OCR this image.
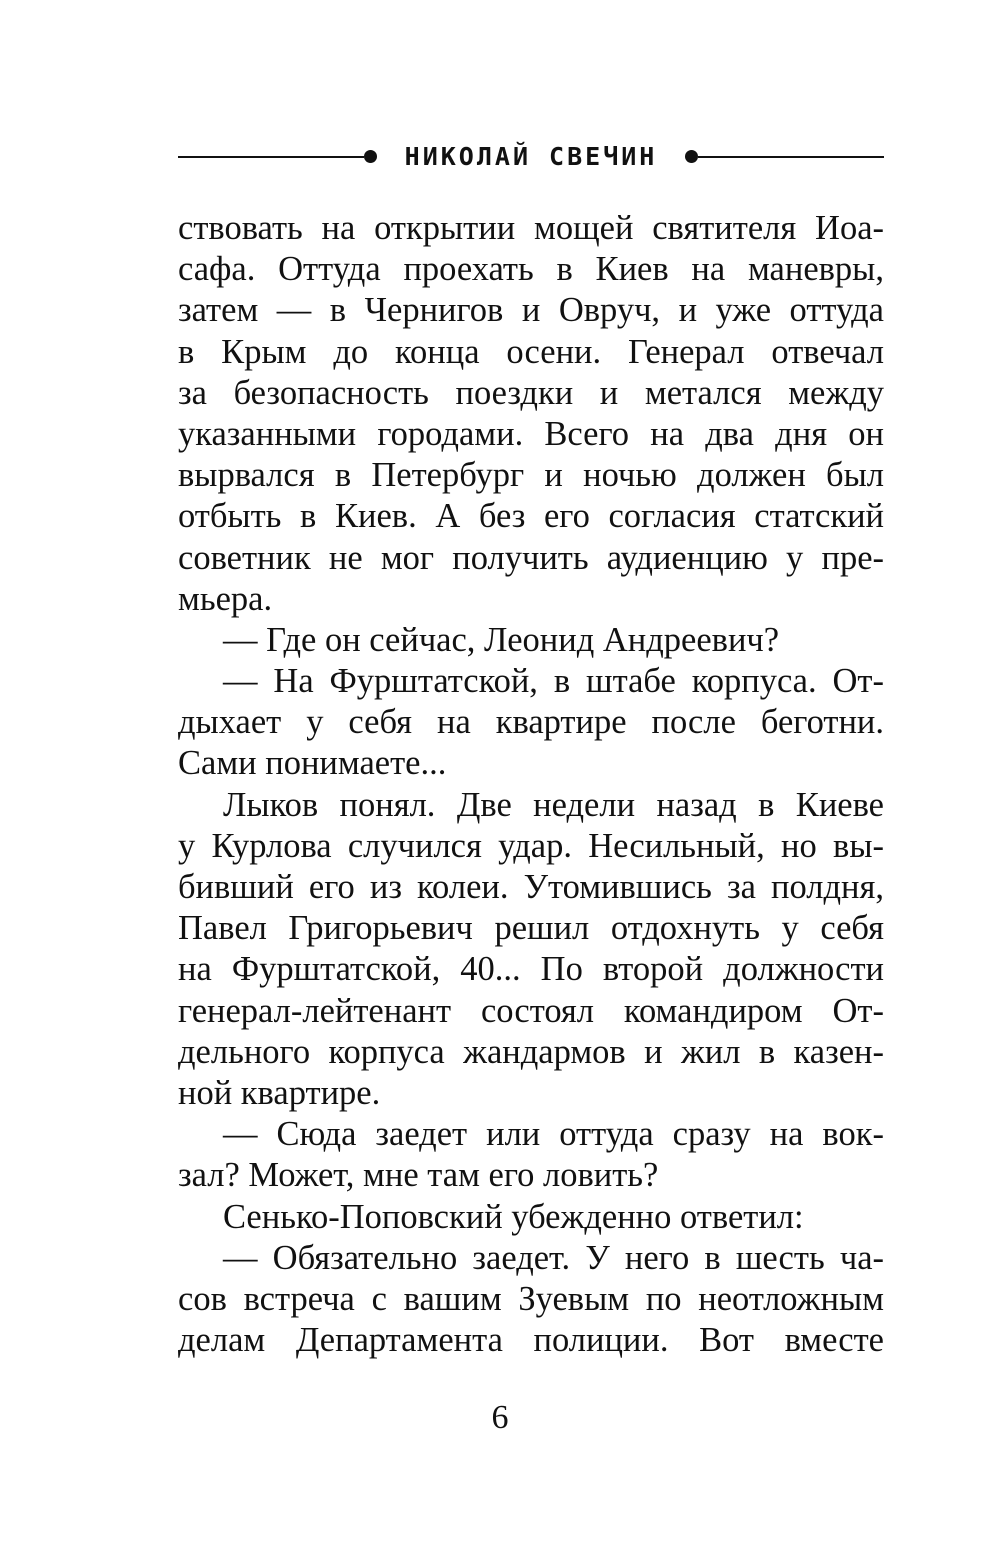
НИКОЛАЙ СВЕЧИН
ствовать на открытии мощей святителя Иоа-
сафа. Оттуда проехать в Киев на маневры,
затем — в Чернигов и Овруч, и уже оттуда
в Крым до конца осени. Генерал отвечал
за безопасность поездки и метался между
указанными городами. Всего на два дня он
вырвался в Петербург и ночью должен был
отбыть в Киев. А без его согласия статский
советник не мог получить аудиенцию у пре-
мьера.
— Где он сейчас, Леонид Андреевич?
— На Фурштатской, в штабе корпуса. От-
дыхает у себя на квартире после беготни.
Сами понимаете...
Лыков понял. Две недели назад в Киеве
у Курлова случился удар. Несильный, но вы-
бивший его из колеи. Утомившись за полдня,
Павел Григорьевич решил отдохнуть у себя
на Фурштатской, 40... По второй должности
генерал-лейтенант состоял командиром От-
дельного корпуса жандармов и жил в казен-
ной квартире.
— Сюда заедет или оттуда сразу на вок-
зал? Может, мне там его ловить?
Сенько-Поповский убежденно ответил:
— Обязательно заедет. У него в шесть ча-
сов встреча с вашим Зуевым по неотложным
делам Департамента полиции. Вот вместе
6
